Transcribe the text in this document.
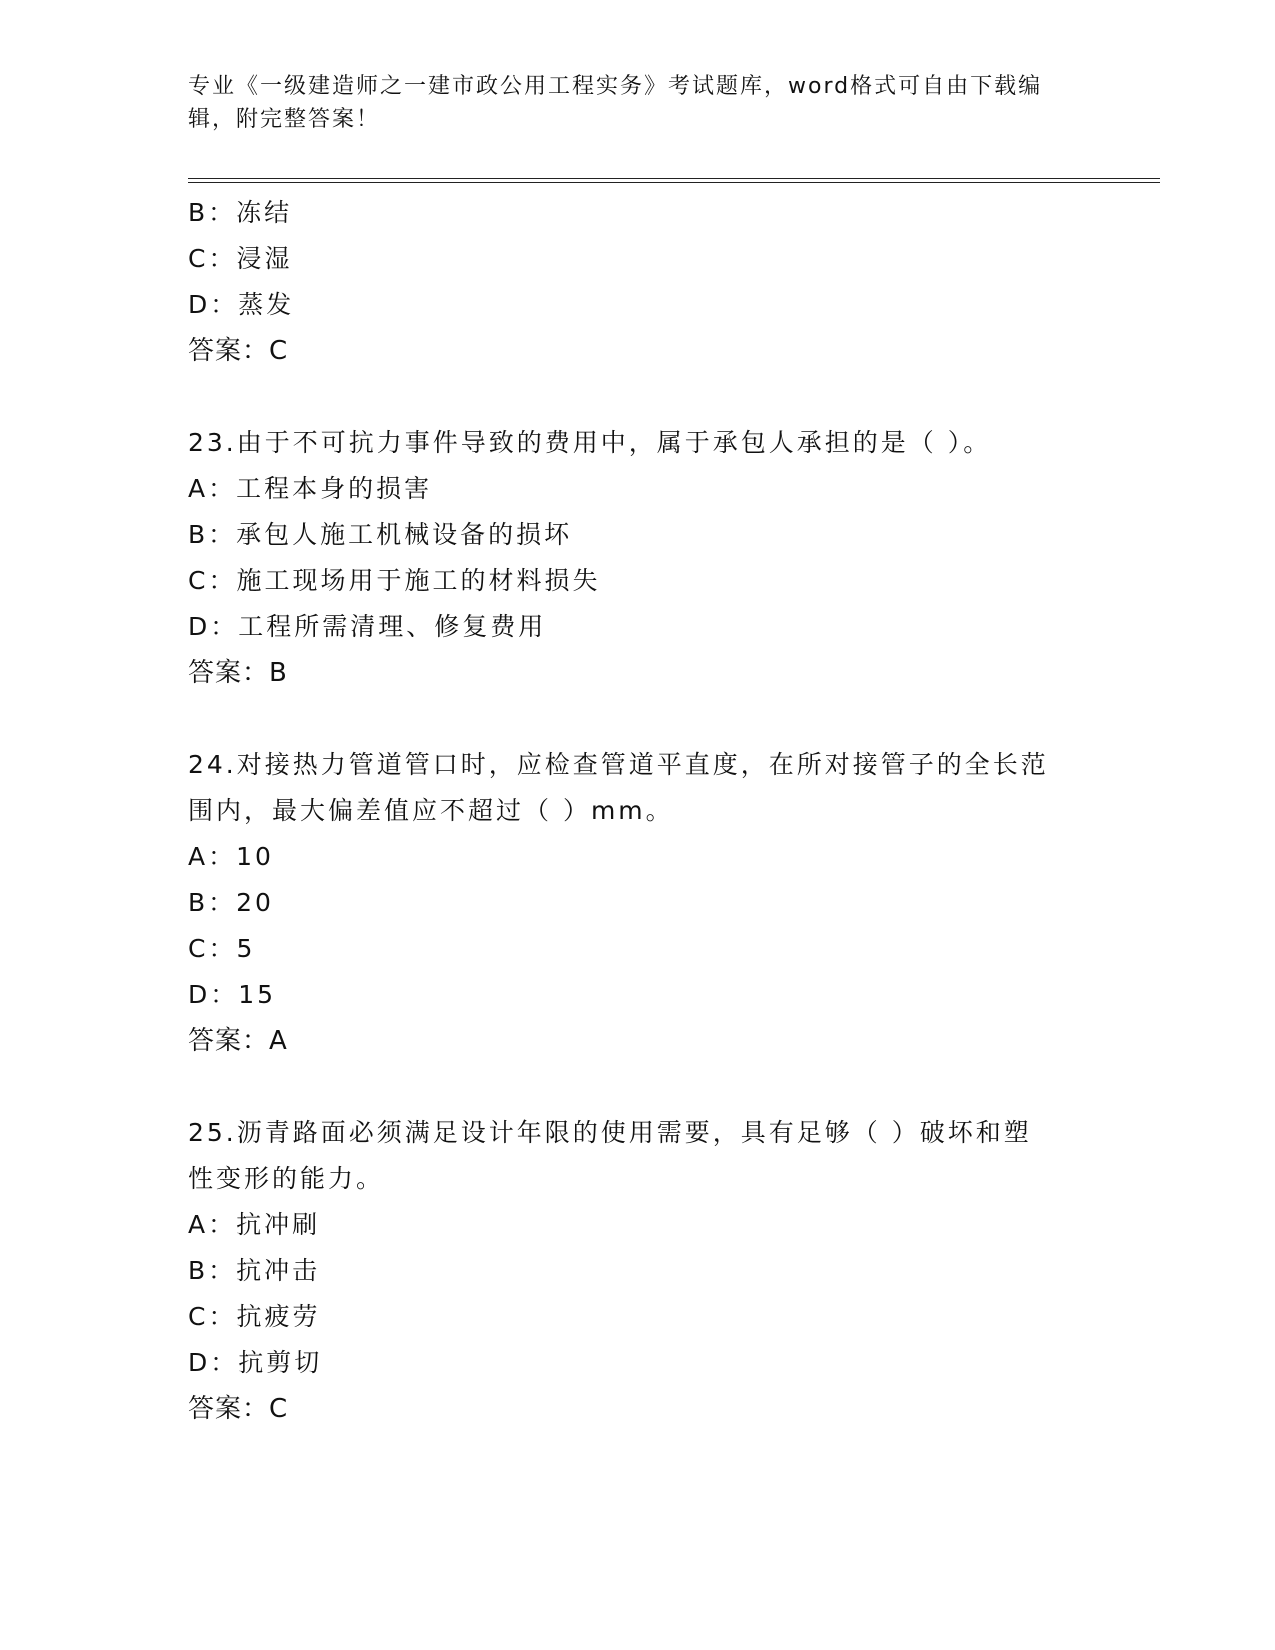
专业《一级建造师之一建市政公用工程实务》考试题库，word格式可自由下载编
辑，附完整答案！
B：冻结
C：浸湿
D：蒸发
答案：C
23.由于不可抗力事件导致的费用中，属于承包人承担的是（ ）。
A：工程本身的损害
B：承包人施工机械设备的损坏
C：施工现场用于施工的材料损失
D：工程所需清理、修复费用
答案：B
24.对接热力管道管口时，应检查管道平直度，在所对接管子的全长范
围内，最大偏差值应不超过（ ）mm。
A：10
B：20
C：5
D：15
答案：A
25.沥青路面必须满足设计年限的使用需要，具有足够（ ）破坏和塑
性变形的能力。
A：抗冲刷
B：抗冲击
C：抗疲劳
D：抗剪切
答案：C
